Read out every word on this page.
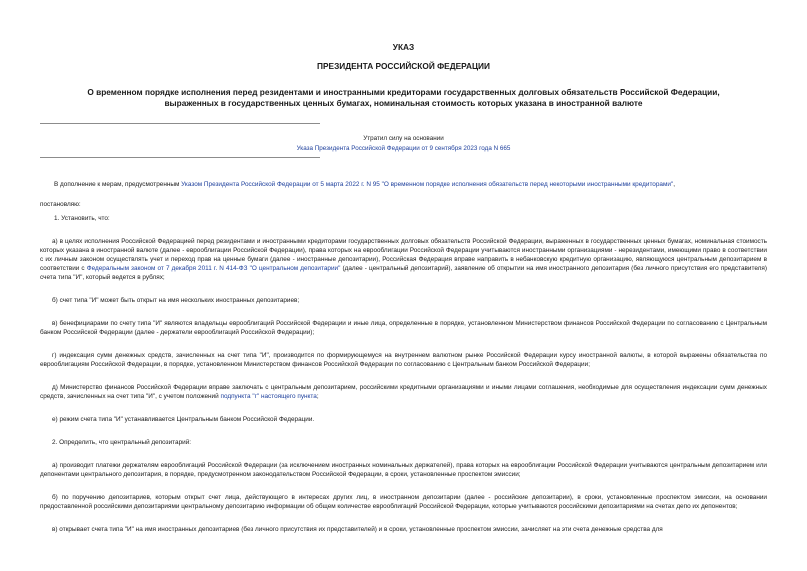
УКАЗ
ПРЕЗИДЕНТА РОССИЙСКОЙ ФЕДЕРАЦИИ
О временном порядке исполнения перед резидентами и иностранными кредиторами государственных долговых обязательств Российской Федерации,
выраженных в государственных ценных бумагах, номинальная стоимость которых указана в иностранной валюте
Утратил силу на основании
Указа Президента Российской Федерации от 9 сентября 2023 года N 665

В дополнение к мерам, предусмотренным Указом Президента Российской Федерации от 5 марта 2022 г. N 95 "О временном порядке исполнения обязательств перед некоторыми иностранными кредиторами",

постановляю:

1. Установить, что:

а) в целях исполнения Российской Федерацией перед резидентами и иностранными кредиторами государственных долговых обязательств Российской Федерации, выраженных в государственных ценных бумагах, номинальная стоимость которых указана в иностранной валюте (далее - еврооблигации Российской Федерации), права которых на еврооблигации Российской Федерации учитываются иностранными организациями - нерезидентами, имеющими право в соответствии с их личным законом осуществлять учет и переход прав на ценные бумаги (далее - иностранные депозитарии), Российская Федерация вправе направить в небанковскую кредитную организацию, являющуюся центральным депозитарием в соответствии с Федеральным законом от 7 декабря 2011 г. N 414-ФЗ "О центральном депозитарии" (далее - центральный депозитарий), заявление об открытии на имя иностранного депозитария (без личного присутствия его представителя) счета типа "И", который ведется в рублях;

б) счет типа "И" может быть открыт на имя нескольких иностранных депозитариев;

в) бенефициарами по счету типа "И" являются владельцы еврооблигаций Российской Федерации и иные лица, определенные в порядке, установленном Министерством финансов Российской Федерации по согласованию с Центральным банком Российской Федерации (далее - держатели еврооблигаций Российской Федерации);

г) индексация сумм денежных средств, зачисленных на счет типа "И", производится по формирующемуся на внутреннем валютном рынке Российской Федерации курсу иностранной валюты, в которой выражены обязательства по еврооблигациям Российской Федерации, в порядке, установленном Министерством финансов Российской Федерации по согласованию с Центральным банком Российской Федерации;

д) Министерство финансов Российской Федерации вправе заключать с центральным депозитарием, российскими кредитными организациями и иными лицами соглашения, необходимые для осуществления индексации сумм денежных средств, зачисленных на счет типа "И", с учетом положений подпункта "г" настоящего пункта;

е) режим счета типа "И" устанавливается Центральным банком Российской Федерации.

2. Определить, что центральный депозитарий:

а) производит платежи держателям еврооблигаций Российской Федерации (за исключением иностранных номинальных держателей), права которых на еврооблигации Российской Федерации учитываются центральным депозитарием или депонентами центрального депозитария, в порядке, предусмотренном законодательством Российской Федерации, в сроки, установленные проспектом эмиссии;

б) по поручению депозитариев, которым открыт счет лица, действующего в интересах других лиц, в иностранном депозитарии (далее - российские депозитарии), в сроки, установленные проспектом эмиссии, на основании предоставленной российскими депозитариями центральному депозитарию информации об общем количестве еврооблигаций Российской Федерации, которые учитываются российскими депозитариями на счетах депо их депонентов;

в) открывает счета типа "И" на имя иностранных депозитариев (без личного присутствия их представителей) и в сроки, установленные проспектом эмиссии, зачисляет на эти счета денежные средства для
